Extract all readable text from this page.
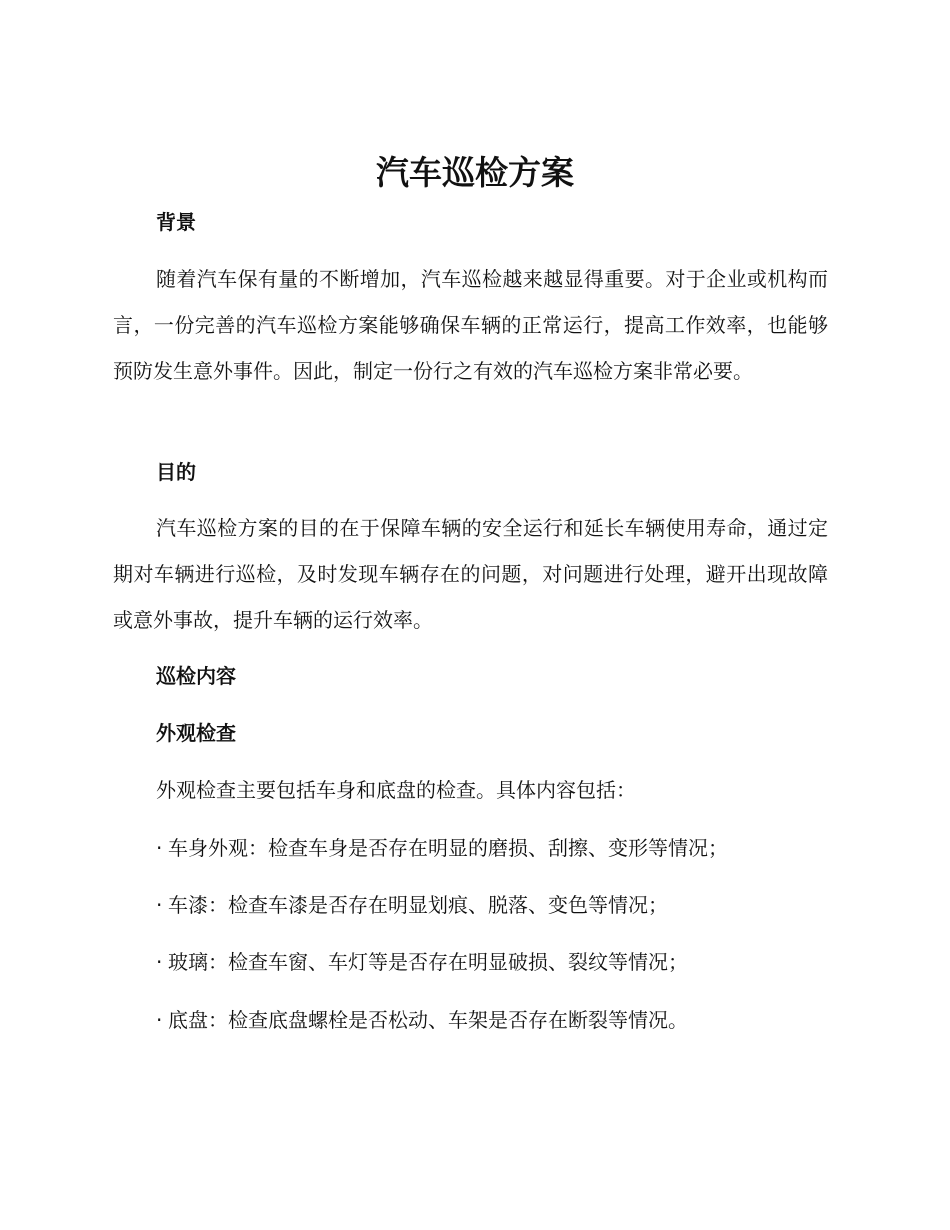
汽车巡检方案
背景
随着汽车保有量的不断增加，汽车巡检越来越显得重要。对于企业或机构而言，一份完善的汽车巡检方案能够确保车辆的正常运行，提高工作效率，也能够预防发生意外事件。因此，制定一份行之有效的汽车巡检方案非常必要。
目的
汽车巡检方案的目的在于保障车辆的安全运行和延长车辆使用寿命，通过定期对车辆进行巡检，及时发现车辆存在的问题，对问题进行处理，避开出现故障或意外事故，提升车辆的运行效率。
巡检内容
外观检查
外观检查主要包括车身和底盘的检查。具体内容包括：
· 车身外观：检查车身是否存在明显的磨损、刮擦、变形等情况；
· 车漆：检查车漆是否存在明显划痕、脱落、变色等情况；
· 玻璃：检查车窗、车灯等是否存在明显破损、裂纹等情况；
· 底盘：检查底盘螺栓是否松动、车架是否存在断裂等情况。
